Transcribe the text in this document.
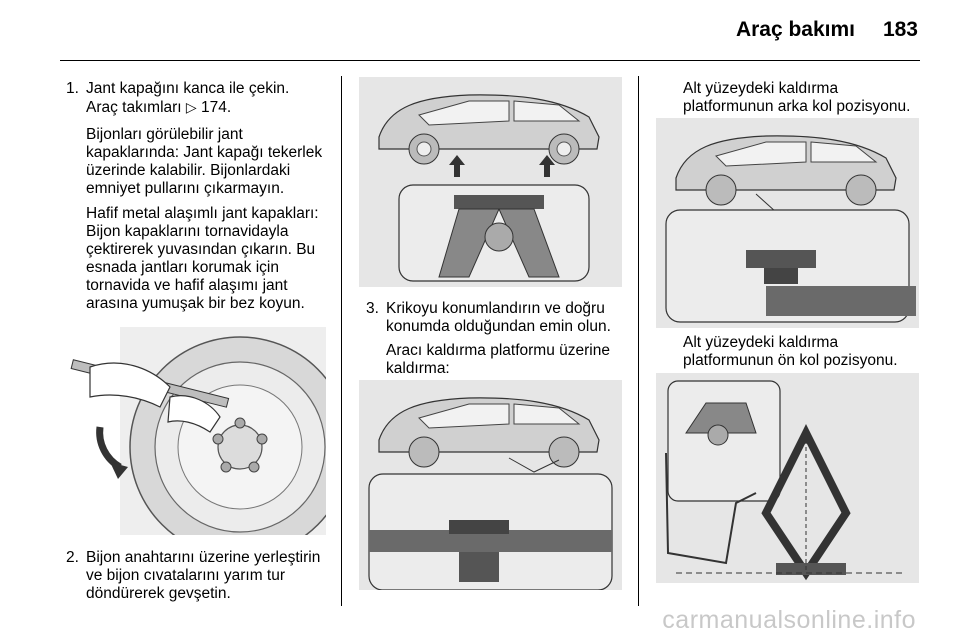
Araç bakımı	183
1. Jant kapağını kanca ile çekin.

Araç takımları ▷ 174.

Bijonları görülebilir jant kapaklarında: Jant kapağı tekerlek üzerinde kalabilir. Bijonlardaki emniyet pullarını çıkarmayın.

Hafif metal alaşımlı jant kapakları: Bijon kapaklarını tornavidayla çektirerek yuvasından çıkarın. Bu esnada jantları korumak için tornavida ve hafif alaşımı jant arasına yumuşak bir bez koyun.

2. Bijon anahtarını üzerine yerleştirin ve bijon cıvatalarını yarım tur döndürerek gevşetin.

3. Krikoyu konumlandırın ve doğru konumda olduğundan emin olun.

Aracı kaldırma platformu üzerine kaldırma:

Alt yüzeydeki kaldırma platformunun arka kol pozisyonu.
Alt yüzeydeki kaldırma platformunun ön kol pozisyonu.
carmanualsonline.info
